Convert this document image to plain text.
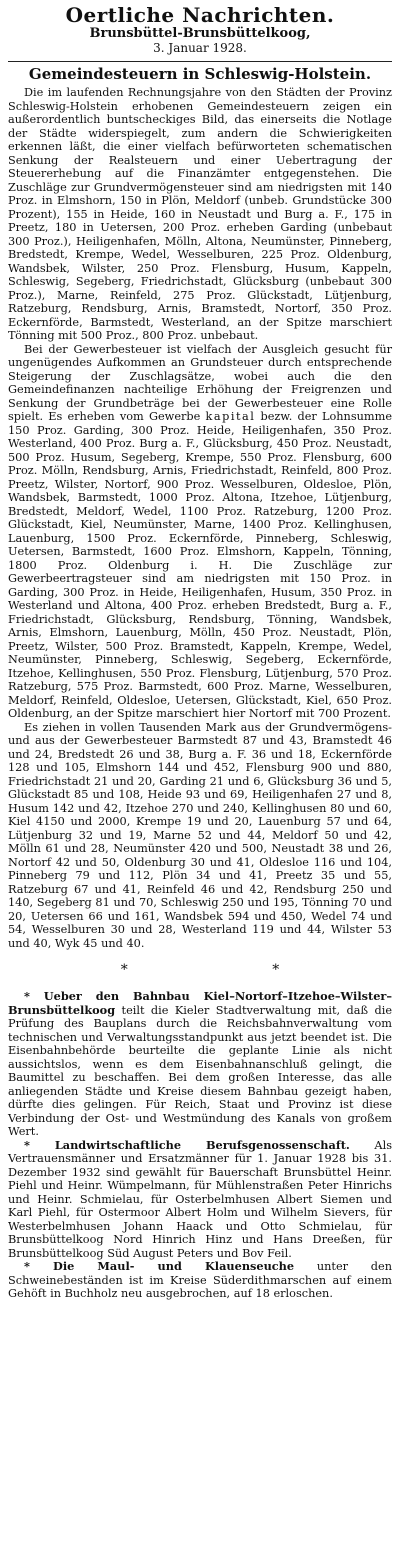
Oertliche Nachrichten.
Brunsbüttel-Brunsbüttelkoog,
3. Januar 1928.
Gemeindesteuern in Schleswig-Holstein.

Die im laufenden Rechnungsjahre von den Städten der Provinz Schleswig-Holstein erhobenen Gemeindesteuern zeigen ein außerordentlich buntscheckiges Bild, das einerseits die Notlage der Städte widerspiegelt, zum andern die Schwierigkeiten erkennen läßt, die einer vielfach befürworteten schematischen Senkung der Realsteuern und einer Uebertragung der Steuererhebung auf die Finanzämter entgegenstehen. Die Zuschläge zur Grundvermögensteuer sind am niedrigsten mit 140 Proz. in Elmshorn, 150 in Plön, Meldorf (unbeb. Grundstücke 300 Prozent), 155 in Heide, 160 in Neustadt und Burg a. F., 175 in Preetz, 180 in Uetersen, 200 Proz. erheben Garding (unbebaut 300 Proz.), Heiligenhafen, Mölln, Altona, Neumünster, Pinneberg, Bredstedt, Krempe, Wedel, Wesselburen, 225 Proz. Oldenburg, Wandsbek, Wilster, 250 Proz. Flensburg, Husum, Kappeln, Schleswig, Segeberg, Friedrichstadt, Glücksburg (unbebaut 300 Proz.), Marne, Reinfeld, 275 Proz. Glückstadt, Lütjenburg, Ratzeburg, Rendsburg, Arnis, Bramstedt, Nortorf, 350 Proz. Eckernförde, Barmstedt, Westerland, an der Spitze marschiert Tönning mit 500 Proz., 800 Proz. unbebaut.

Bei der Gewerbesteuer ist vielfach der Ausgleich gesucht für ungenügendes Aufkommen an Grundsteuer durch entsprechende Steigerung der Zuschlagsätze, wobei auch die den Gemeindefinanzen nachteilige Erhöhung der Freigrenzen und Senkung der Grundbeträge bei der Gewerbesteuer eine Rolle spielt. Es erheben vom Gewerbe kapital bezw. der Lohnsumme 150 Proz. Garding, 300 Proz. Heide, Heiligenhafen, 350 Proz. Westerland, 400 Proz. Burg a. F., Glücksburg, 450 Proz. Neustadt, 500 Proz. Husum, Segeberg, Krempe, 550 Proz. Flensburg, 600 Proz. Mölln, Rendsburg, Arnis, Friedrichstadt, Reinfeld, 800 Proz. Preetz, Wilster, Nortorf, 900 Proz. Wesselburen, Oldesloe, Plön, Wandsbek, Barmstedt, 1000 Proz. Altona, Itzehoe, Lütjenburg, Bredstedt, Meldorf, Wedel, 1100 Proz. Ratzeburg, 1200 Proz. Glückstadt, Kiel, Neumünster, Marne, 1400 Proz. Kellinghusen, Lauenburg, 1500 Proz. Eckernförde, Pinneberg, Schleswig, Uetersen, Barmstedt, 1600 Proz. Elmshorn, Kappeln, Tönning, 1800 Proz. Oldenburg i. H. Die Zuschläge zur Gewerbeertragsteuer sind am niedrigsten mit 150 Proz. in Garding, 300 Proz. in Heide, Heiligenhafen, Husum, 350 Proz. in Westerland und Altona, 400 Proz. erheben Bredstedt, Burg a. F., Friedrichstadt, Glücksburg, Rendsburg, Tönning, Wandsbek, Arnis, Elmshorn, Lauenburg, Mölln, 450 Proz. Neustadt, Plön, Preetz, Wilster, 500 Proz. Bramstedt, Kappeln, Krempe, Wedel, Neumünster, Pinneberg, Schleswig, Segeberg, Eckernförde, Itzehoe, Kellinghusen, 550 Proz. Flensburg, Lütjenburg, 570 Proz. Ratzeburg, 575 Proz. Barmstedt, 600 Proz. Marne, Wesselburen, Meldorf, Reinfeld, Oldesloe, Uetersen, Glückstadt, Kiel, 650 Proz. Oldenburg, an der Spitze marschiert hier Nortorf mit 700 Prozent.

Es ziehen in vollen Tausenden Mark aus der Grundvermögens- und aus der Gewerbesteuer Barmstedt 87 und 43, Bramstedt 46 und 24, Bredstedt 26 und 38, Burg a. F. 36 und 18, Eckernförde 128 und 105, Elmshorn 144 und 452, Flensburg 900 und 880, Friedrichstadt 21 und 20, Garding 21 und 6, Glücksburg 36 und 5, Glückstadt 85 und 108, Heide 93 und 69, Heiligenhafen 27 und 8, Husum 142 und 42, Itzehoe 270 und 240, Kellinghusen 80 und 60, Kiel 4150 und 2000, Krempe 19 und 20, Lauenburg 57 und 64, Lütjenburg 32 und 19, Marne 52 und 44, Meldorf 50 und 42, Mölln 61 und 28, Neumünster 420 und 500, Neustadt 38 und 26, Nortorf 42 und 50, Oldenburg 30 und 41, Oldesloe 116 und 104, Pinneberg 79 und 112, Plön 34 und 41, Preetz 35 und 55, Ratzeburg 67 und 41, Reinfeld 46 und 42, Rendsburg 250 und 140, Segeberg 81 und 70, Schleswig 250 und 195, Tönning 70 und 20, Uetersen 66 und 161, Wandsbek 594 und 450, Wedel 74 und 54, Wesselburen 30 und 28, Westerland 119 und 44, Wilster 53 und 40, Wyk 45 und 40.

* *

* Ueber den Bahnbau Kiel–Nortorf–Itzehoe–Wilster–Brunsbüttelkoog teilt die Kieler Stadtverwaltung mit, daß die Prüfung des Bauplans durch die Reichsbahnverwaltung vom technischen und Verwaltungsstandpunkt aus jetzt beendet ist. Die Eisenbahnbehörde beurteilte die geplante Linie als nicht aussichtslos, wenn es dem Eisenbahnanschluß gelingt, die Baumittel zu beschaffen. Bei dem großen Interesse, das alle anliegenden Städte und Kreise diesem Bahnbau gezeigt haben, dürfte dies gelingen. Für Reich, Staat und Provinz ist diese Verbindung der Ost- und Westmündung des Kanals von großem Wert.

* Landwirtschaftliche Berufsgenossenschaft. Als Vertrauensmänner und Ersatzmänner für 1. Januar 1928 bis 31. Dezember 1932 sind gewählt für Bauerschaft Brunsbüttel Heinr. Piehl und Heinr. Wümpelmann, für Mühlenstraßen Peter Hinrichs und Heinr. Schmielau, für Osterbelmhusen Albert Siemen und Karl Piehl, für Ostermoor Albert Holm und Wilhelm Sievers, für Westerbelmhusen Johann Haack und Otto Schmielau, für Brunsbüttelkoog Nord Hinrich Hinz und Hans Dreeßen, für Brunsbüttelkoog Süd August Peters und Bov Feil.

* Die Maul- und Klauenseuche unter den Schweinebeständen ist im Kreise Süderdithmarschen auf einem Gehöft in Buchholz neu ausgebrochen, auf 18 erloschen.
